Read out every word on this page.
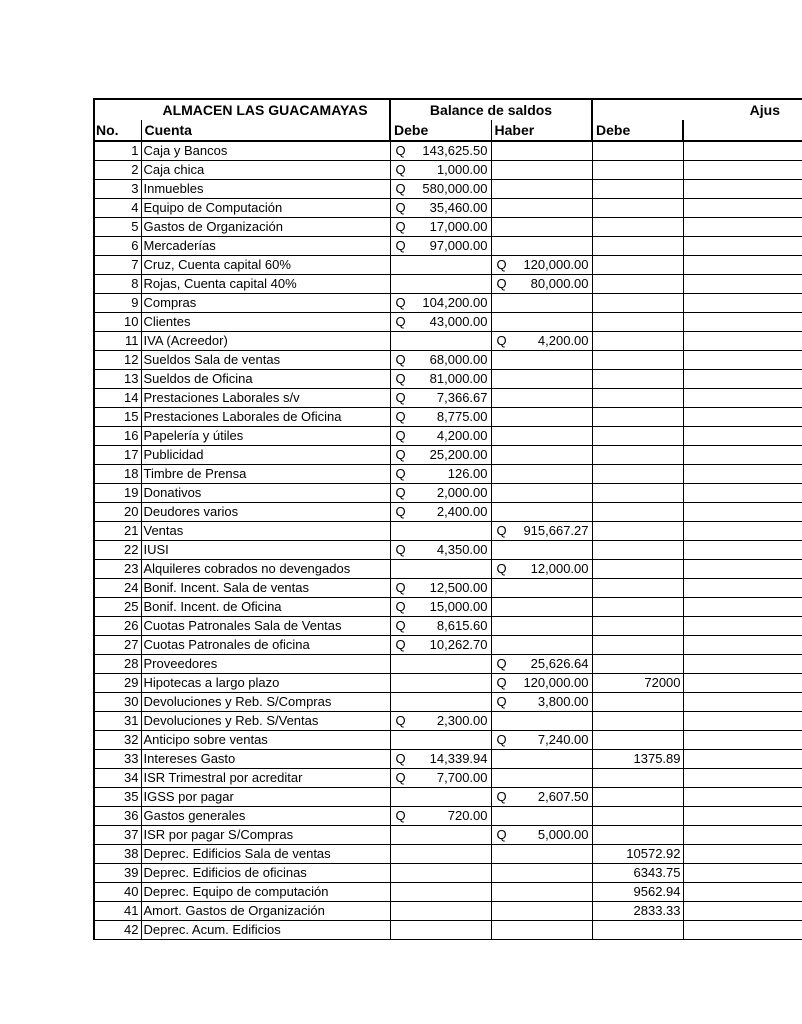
	ALMACEN LAS GUACAMAYAS	Balance de saldos		Ajus	
No.	Cuenta	Debe	Haber	Debe	
1	Caja y Bancos	Q 143,625.50			

2	Caja chica	Q 1,000.00			

3	Inmuebles	Q 580,000.00			

4	Equipo de Computación	Q 35,460.00			

5	Gastos de Organización	Q 17,000.00			

6	Mercaderías	Q 97,000.00			

7	Cruz, Cuenta capital 60%		Q 120,000.00		

8	Rojas, Cuenta capital 40%		Q 80,000.00		

9	Compras	Q 104,200.00			

10	Clientes	Q 43,000.00			

11	IVA (Acreedor)		Q 4,200.00		

12	Sueldos Sala de ventas	Q 68,000.00			

13	Sueldos de Oficina	Q 81,000.00			

14	Prestaciones Laborales s/v	Q 7,366.67			

15	Prestaciones Laborales de Oficina	Q 8,775.00			

16	Papelería y útiles	Q 4,200.00			

17	Publicidad	Q 25,200.00			

18	Timbre de Prensa	Q 126.00			

19	Donativos	Q 2,000.00			

20	Deudores varios	Q 2,400.00			

21	Ventas		Q 915,667.27		

22	IUSI	Q 4,350.00			

23	Alquileres cobrados no devengados		Q 12,000.00		

24	Bonif. Incent. Sala de ventas	Q 12,500.00			

25	Bonif. Incent. de Oficina	Q 15,000.00			

26	Cuotas Patronales Sala de Ventas	Q 8,615.60			

27	Cuotas Patronales de oficina	Q 10,262.70			

28	Proveedores		Q 25,626.64		

29	Hipotecas a largo plazo		Q 120,000.00	72000	
30	Devoluciones y Reb. S/Compras		Q 3,800.00		

31	Devoluciones y Reb. S/Ventas	Q 2,300.00			

32	Anticipo sobre ventas		Q 7,240.00		

33	Intereses Gasto	Q 14,339.94		1375.89	
34	ISR Trimestral por acreditar	Q 7,700.00			

35	IGSS por pagar		Q 2,607.50		

36	Gastos generales	Q 720.00			

37	ISR por pagar S/Compras		Q 5,000.00		

38	Deprec. Edificios Sala de ventas			10572.92	
39	Deprec. Edificios de oficinas			6343.75	
40	Deprec. Equipo de computación			9562.94	
41	Amort. Gastos de Organización			2833.33	
42	Deprec. Acum. Edificios				
